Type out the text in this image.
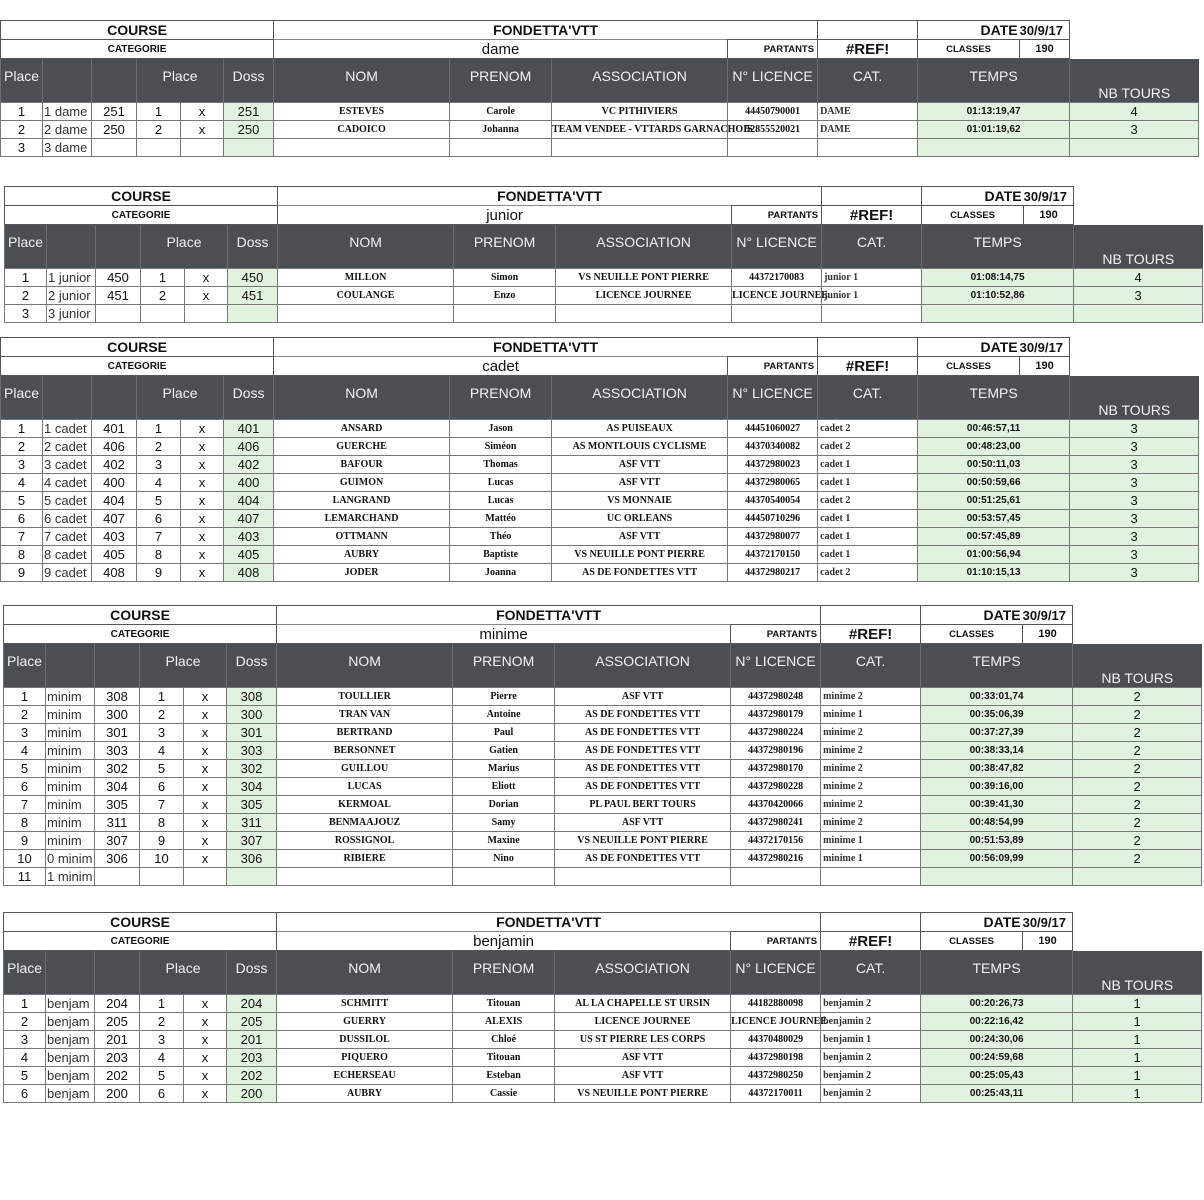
COURSE						FONDETTA'VTT					DATE	30/9/17	
CATEGORIE						dame			PARTANTS	#REF!	CLASSES	190	
Place			Place		Doss	NOM	PRENOM	ASSOCIATION	N° LICENCE	CAT.	TEMPS		NB TOURS
1	1 dame	251	1	x	251	ESTEVES	Carole	VC PITHIVIERS	44450790001	DAME	01:13:19,47		4
2	2 dame	250	2	x	250	CADOICO	Johanna	TEAM VENDEE - VTTARDS GARNACHOIS	52855520021	DAME	01:01:19,62		3
3	3 dame												
COURSE						FONDETTA'VTT					DATE	30/9/17	
CATEGORIE						junior			PARTANTS	#REF!	CLASSES	190	
Place			Place		Doss	NOM	PRENOM	ASSOCIATION	N° LICENCE	CAT.	TEMPS		NB TOURS
1	1 junior	450	1	x	450	MILLON	Simon	VS NEUILLE PONT PIERRE	44372170083	junior 1	01:08:14,75		4
2	2 junior	451	2	x	451	COULANGE	Enzo	LICENCE JOURNEE	LICENCE JOURNEE	junior 1	01:10:52,86		3
3	3 junior												
COURSE						FONDETTA'VTT					DATE	30/9/17	
CATEGORIE						cadet			PARTANTS	#REF!	CLASSES	190	
Place			Place		Doss	NOM	PRENOM	ASSOCIATION	N° LICENCE	CAT.	TEMPS		NB TOURS
1	1 cadet	401	1	x	401	ANSARD	Jason	AS PUISEAUX	44451060027	cadet 2	00:46:57,11		3
2	2 cadet	406	2	x	406	GUERCHE	Siméon	AS MONTLOUIS CYCLISME	44370340082	cadet 2	00:48:23,00		3
3	3 cadet	402	3	x	402	BAFOUR	Thomas	ASF VTT	44372980023	cadet 1	00:50:11,03		3
4	4 cadet	400	4	x	400	GUIMON	Lucas	ASF VTT	44372980065	cadet 1	00:50:59,66		3
5	5 cadet	404	5	x	404	LANGRAND	Lucas	VS MONNAIE	44370540054	cadet 2	00:51:25,61		3
6	6 cadet	407	6	x	407	LEMARCHAND	Mattéo	UC ORLEANS	44450710296	cadet 1	00:53:57,45		3
7	7 cadet	403	7	x	403	OTTMANN	Théo	ASF VTT	44372980077	cadet 1	00:57:45,89		3
8	8 cadet	405	8	x	405	AUBRY	Baptiste	VS NEUILLE PONT PIERRE	44372170150	cadet 1	01:00:56,94		3
9	9 cadet	408	9	x	408	JODER	Joanna	AS DE FONDETTES VTT	44372980217	cadet 2	01:10:15,13		3
COURSE						FONDETTA'VTT					DATE	30/9/17	
CATEGORIE						minime			PARTANTS	#REF!	CLASSES	190	
Place			Place		Doss	NOM	PRENOM	ASSOCIATION	N° LICENCE	CAT.	TEMPS		NB TOURS
1	minim	308	1	x	308	TOULLIER	Pierre	ASF VTT	44372980248	minime 2	00:33:01,74		2
2	minim	300	2	x	300	TRAN VAN	Antoine	AS DE FONDETTES VTT	44372980179	minime 1	00:35:06,39		2
3	minim	301	3	x	301	BERTRAND	Paul	AS DE FONDETTES VTT	44372980224	minime 2	00:37:27,39		2
4	minim	303	4	x	303	BERSONNET	Gatien	AS DE FONDETTES VTT	44372980196	minime 2	00:38:33,14		2
5	minim	302	5	x	302	GUILLOU	Marius	AS DE FONDETTES VTT	44372980170	minime 2	00:38:47,82		2
6	minim	304	6	x	304	LUCAS	Eliott	AS DE FONDETTES VTT	44372980228	minime 2	00:39:16,00		2
7	minim	305	7	x	305	KERMOAL	Dorian	PL PAUL BERT TOURS	44370420066	minime 2	00:39:41,30		2
8	minim	311	8	x	311	BENMAAJOUZ	Samy	ASF VTT	44372980241	minime 2	00:48:54,99		2
9	minim	307	9	x	307	ROSSIGNOL	Maxine	VS NEUILLE PONT PIERRE	44372170156	minime 1	00:51:53,89		2
10	0 minim	306	10	x	306	RIBIERE	Nino	AS DE FONDETTES VTT	44372980216	minime 1	00:56:09,99		2
11	1 minim												
COURSE						FONDETTA'VTT					DATE	30/9/17	
CATEGORIE						benjamin			PARTANTS	#REF!	CLASSES	190	
Place			Place		Doss	NOM	PRENOM	ASSOCIATION	N° LICENCE	CAT.	TEMPS		NB TOURS
1	benjam	204	1	x	204	SCHMITT	Titouan	AL LA CHAPELLE ST URSIN	44182880098	benjamin 2	00:20:26,73		1
2	benjam	205	2	x	205	GUERRY	ALEXIS	LICENCE JOURNEE	LICENCE JOURNEE	benjamin 2	00:22:16,42		1
3	benjam	201	3	x	201	DUSSILOL	Chloé	US ST PIERRE LES CORPS	44370480029	benjamin 1	00:24:30,06		1
4	benjam	203	4	x	203	PIQUERO	Titouan	ASF VTT	44372980198	benjamin 2	00:24:59,68		1
5	benjam	202	5	x	202	ECHERSEAU	Esteban	ASF VTT	44372980250	benjamin 2	00:25:05,43		1
6	benjam	200	6	x	200	AUBRY	Cassie	VS NEUILLE PONT PIERRE	44372170011	benjamin 2	00:25:43,11		1
